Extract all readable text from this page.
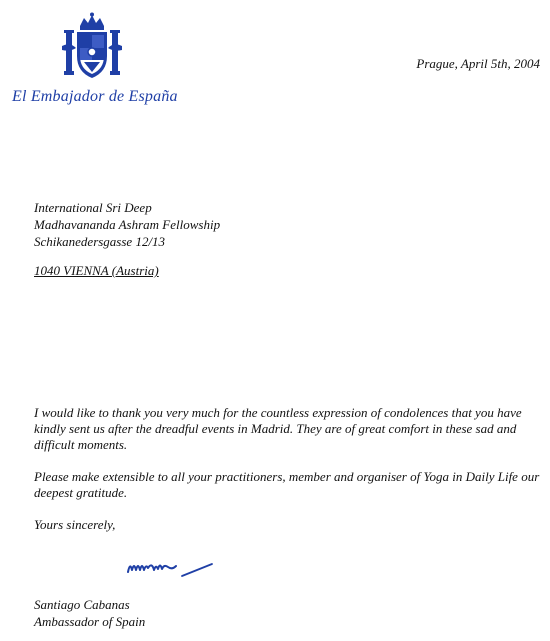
El Embajador de España
Prague, April 5th, 2004
International Sri Deep
Madhavananda Ashram Fellowship
Schikanedersgasse 12/13
1040 VIENNA (Austria)
I would like to thank you very much for the countless expression of condolences that you have kindly sent us after the dreadful events in Madrid. They are of great comfort in these sad and difficult moments.
Please make extensible to all your practitioners, member and organiser of Yoga in Daily Life our deepest gratitude.
Yours sincerely,
Santiago Cabanas
Ambassador of Spain
